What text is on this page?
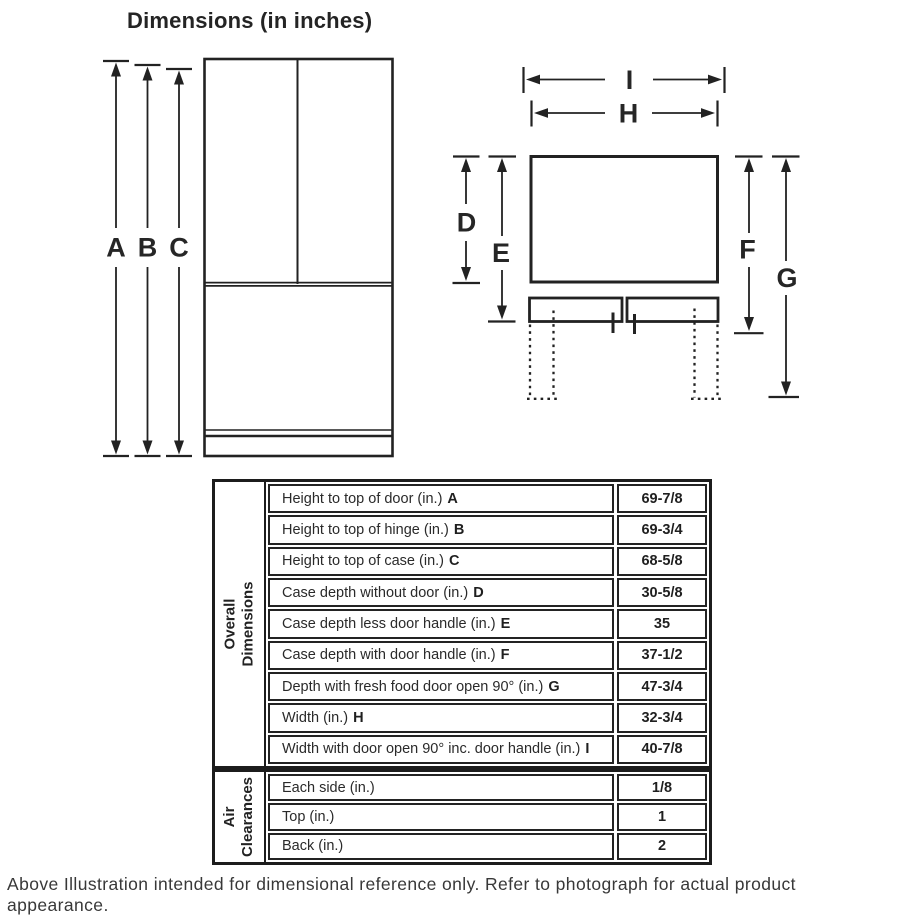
Dimensions (in inches)
A B C
I
H
D
E	F
G
Overall Dimensions
Height to top of door (in.) A	69-7/8
Height to top of hinge (in.) B	69-3/4
Height to top of case (in.) C	68-5/8
Case depth without door (in.) D	30-5/8
Case depth less door handle (in.) E	35
Case depth with door handle (in.) F	37-1/2
Depth with fresh food door open 90° (in.) G	47-3/4
Width (in.) H	32-3/4
Width with door open 90° inc. door handle (in.) I	40-7/8
Air Clearances Each side (in.)	1/8
Top (in.)	1
Back (in.)	2
Above Illustration intended for dimensional reference only. Refer to photograph for actual product appearance.
